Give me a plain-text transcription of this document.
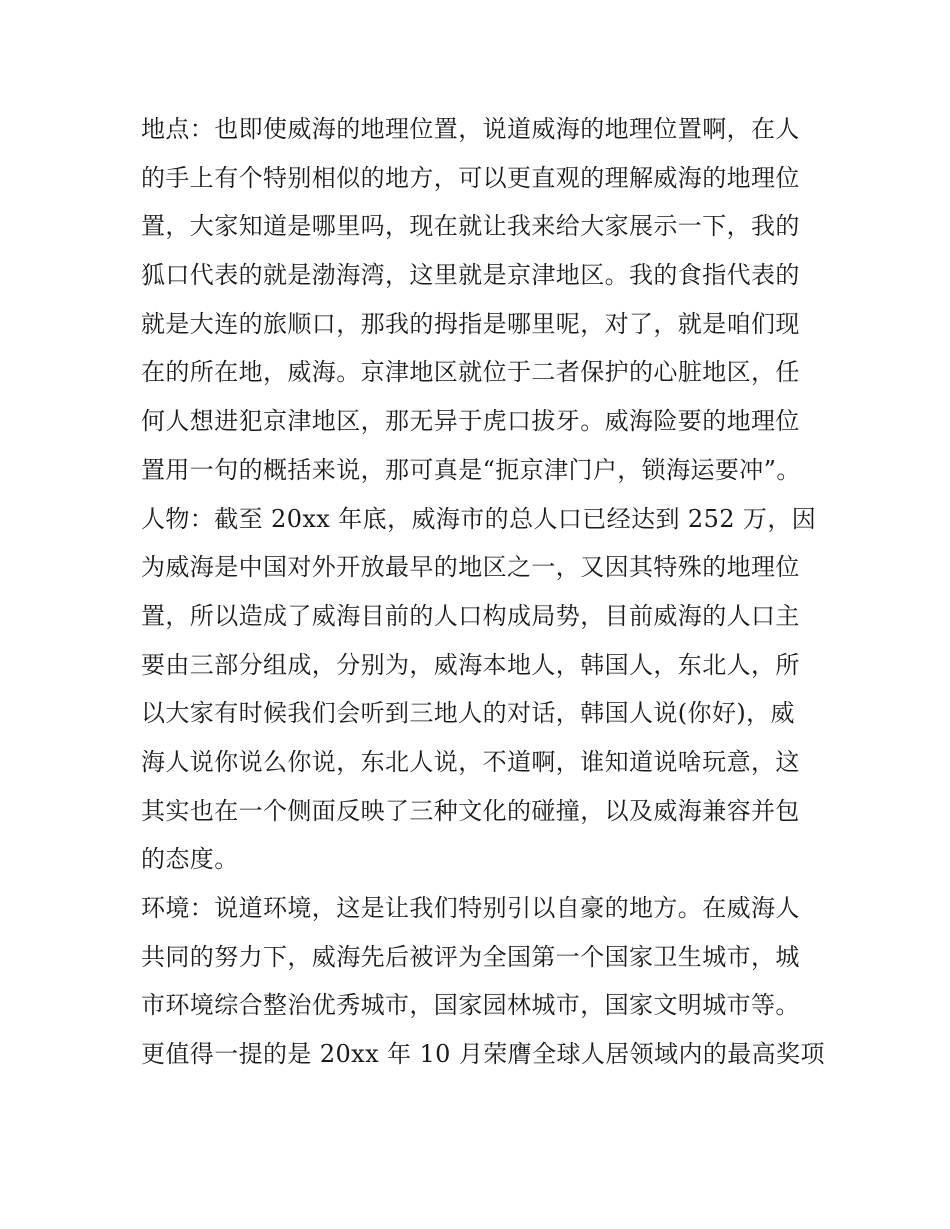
地点：也即使威海的地理位置，说道威海的地理位置啊，在人
的手上有个特别相似的地方，可以更直观的理解威海的地理位
置，大家知道是哪里吗，现在就让我来给大家展示一下，我的
狐口代表的就是渤海湾，这里就是京津地区。我的食指代表的
就是大连的旅顺口，那我的拇指是哪里呢，对了，就是咱们现
在的所在地，威海。京津地区就位于二者保护的心脏地区，任
何人想进犯京津地区，那无异于虎口拔牙。威海险要的地理位
置用一句的概括来说，那可真是“扼京津门户，锁海运要冲”。
人物：截至 20xx 年底，威海市的总人口已经达到 252 万，因
为威海是中国对外开放最早的地区之一，又因其特殊的地理位
置，所以造成了威海目前的人口构成局势，目前威海的人口主
要由三部分组成，分别为，威海本地人，韩国人，东北人，所
以大家有时候我们会听到三地人的对话，韩国人说(你好)，威
海人说你说么你说，东北人说，不道啊，谁知道说啥玩意，这
其实也在一个侧面反映了三种文化的碰撞，以及威海兼容并包
的态度。
环境：说道环境，这是让我们特别引以自豪的地方。在威海人
共同的努力下，威海先后被评为全国第一个国家卫生城市，城
市环境综合整治优秀城市，国家园林城市，国家文明城市等。
更值得一提的是 20xx 年 10 月荣膺全球人居领域内的最高奖项
